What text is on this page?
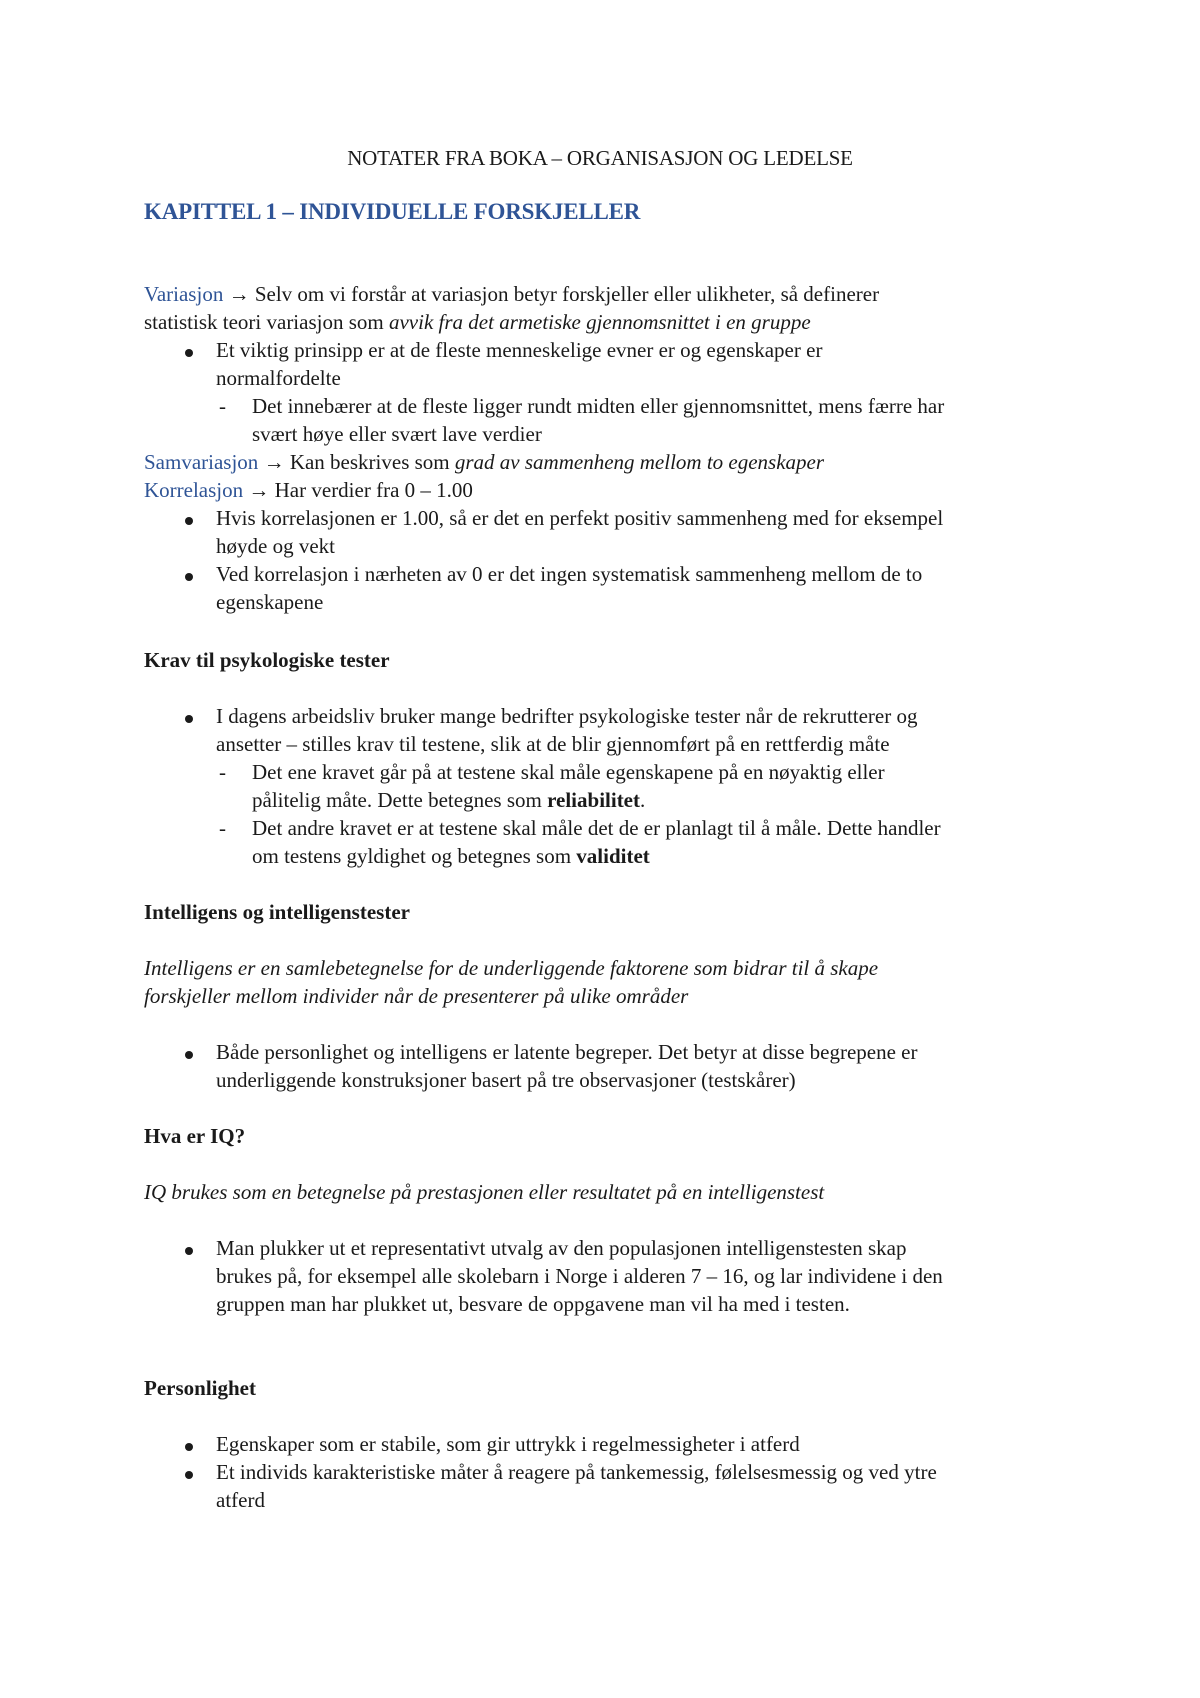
NOTATER FRA BOKA – ORGANISASJON OG LEDELSE
KAPITTEL 1 – INDIVIDUELLE FORSKJELLER
Variasjon → Selv om vi forstår at variasjon betyr forskjeller eller ulikheter, så definerer
statistisk teori variasjon som avvik fra det armetiske gjennomsnittet i en gruppe
Et viktig prinsipp er at de fleste menneskelige evner er og egenskaper er
normalfordelte
- Det innebærer at de fleste ligger rundt midten eller gjennomsnittet, mens færre har
svært høye eller svært lave verdier
Samvariasjon → Kan beskrives som grad av sammenheng mellom to egenskaper
Korrelasjon → Har verdier fra 0 – 1.00
Hvis korrelasjonen er 1.00, så er det en perfekt positiv sammenheng med for eksempel
høyde og vekt
Ved korrelasjon i nærheten av 0 er det ingen systematisk sammenheng mellom de to
egenskapene
Krav til psykologiske tester
I dagens arbeidsliv bruker mange bedrifter psykologiske tester når de rekrutterer og
ansetter – stilles krav til testene, slik at de blir gjennomført på en rettferdig måte
- Det ene kravet går på at testene skal måle egenskapene på en nøyaktig eller
pålitelig måte. Dette betegnes som reliabilitet.
- Det andre kravet er at testene skal måle det de er planlagt til å måle. Dette handler
om testens gyldighet og betegnes som validitet
Intelligens og intelligenstester
Intelligens er en samlebetegnelse for de underliggende faktorene som bidrar til å skape
forskjeller mellom individer når de presenterer på ulike områder
Både personlighet og intelligens er latente begreper. Det betyr at disse begrepene er
underliggende konstruksjoner basert på tre observasjoner (testskårer)
Hva er IQ?
IQ brukes som en betegnelse på prestasjonen eller resultatet på en intelligenstest
Man plukker ut et representativt utvalg av den populasjonen intelligenstesten skap
brukes på, for eksempel alle skolebarn i Norge i alderen 7 – 16, og lar individene i den
gruppen man har plukket ut, besvare de oppgavene man vil ha med i testen.
Personlighet
Egenskaper som er stabile, som gir uttrykk i regelmessigheter i atferd
Et individs karakteristiske måter å reagere på tankemessig, følelsesmessig og ved ytre
atferd
